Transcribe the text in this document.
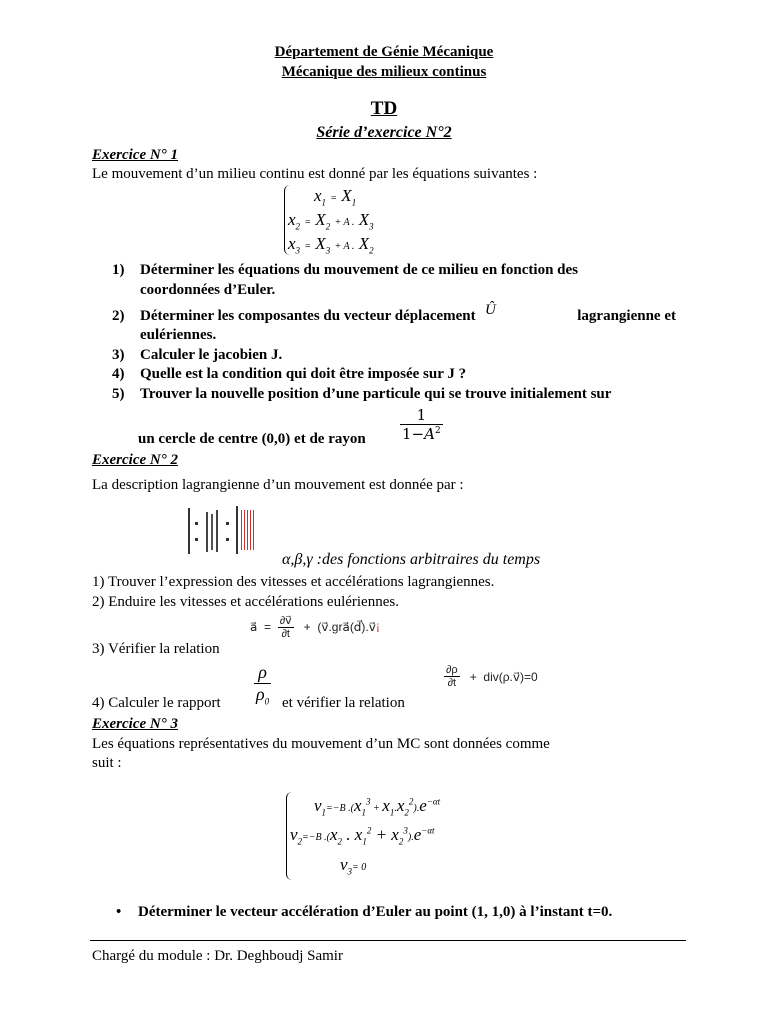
Département de Génie Mécanique
Mécanique des milieux continus
TD
Série d’exercice N°2
Exercice N° 1
Le mouvement d’un milieu continu est donné par les équations suivantes :
$x_1 = X_1$
$x_2 = X_2 + A$ . $X_3$
$x_3 = X_3 + A$ . $X_2$
1) Déterminer les équations du mouvement de ce milieu en fonction des
coordonnées d’Euler.
2) Déterminer les composantes du vecteur déplacement Û	lagrangienne et
eulériennes.
3) Calculer le jacobien J.
4) Quelle est la condition qui doit être imposée sur J ?
5) Trouver la nouvelle position d’une particule qui se trouve initialement sur
un cercle de centre (0,0) et de rayon $\frac{1}{1-A^2}$
Exercice N° 2
La description lagrangienne d’un mouvement est donnée par :
α,β,γ :des fonctions arbitraires du temps
1) Trouver l’expression des vitesses et accélérations lagrangiennes.
2) Enduire les vitesses et accélérations eulériennes.
a⃗  = $\frac{\partial v⃗}{\partial t}$ +  (v⃗.gra⃗(d⃗).v⃗¡
3) Vérifier la relation
$\frac{\rho}{\rho_0}$
4) Calculer le rapport	et vérifier la relation
$\frac{\partial\rho}{\partial t}$ +  div(ρ.v⃗)=0
Exercice N° 3
Les équations représentatives du mouvement d’un MC sont données comme
suit :
$v_1=-B$ $.(x_1^3 + x_1.x_2^2).e^{-\alpha t}$
$v_2=-B$ $.(x_2$ . $x_1^2 + x_2^3).e^{-\alpha t}$
$v_3= 0$
• Déterminer le vecteur accélération d’Euler au point (1, 1,0) à l’instant t=0.
Chargé du module : Dr. Deghboudj Samir
